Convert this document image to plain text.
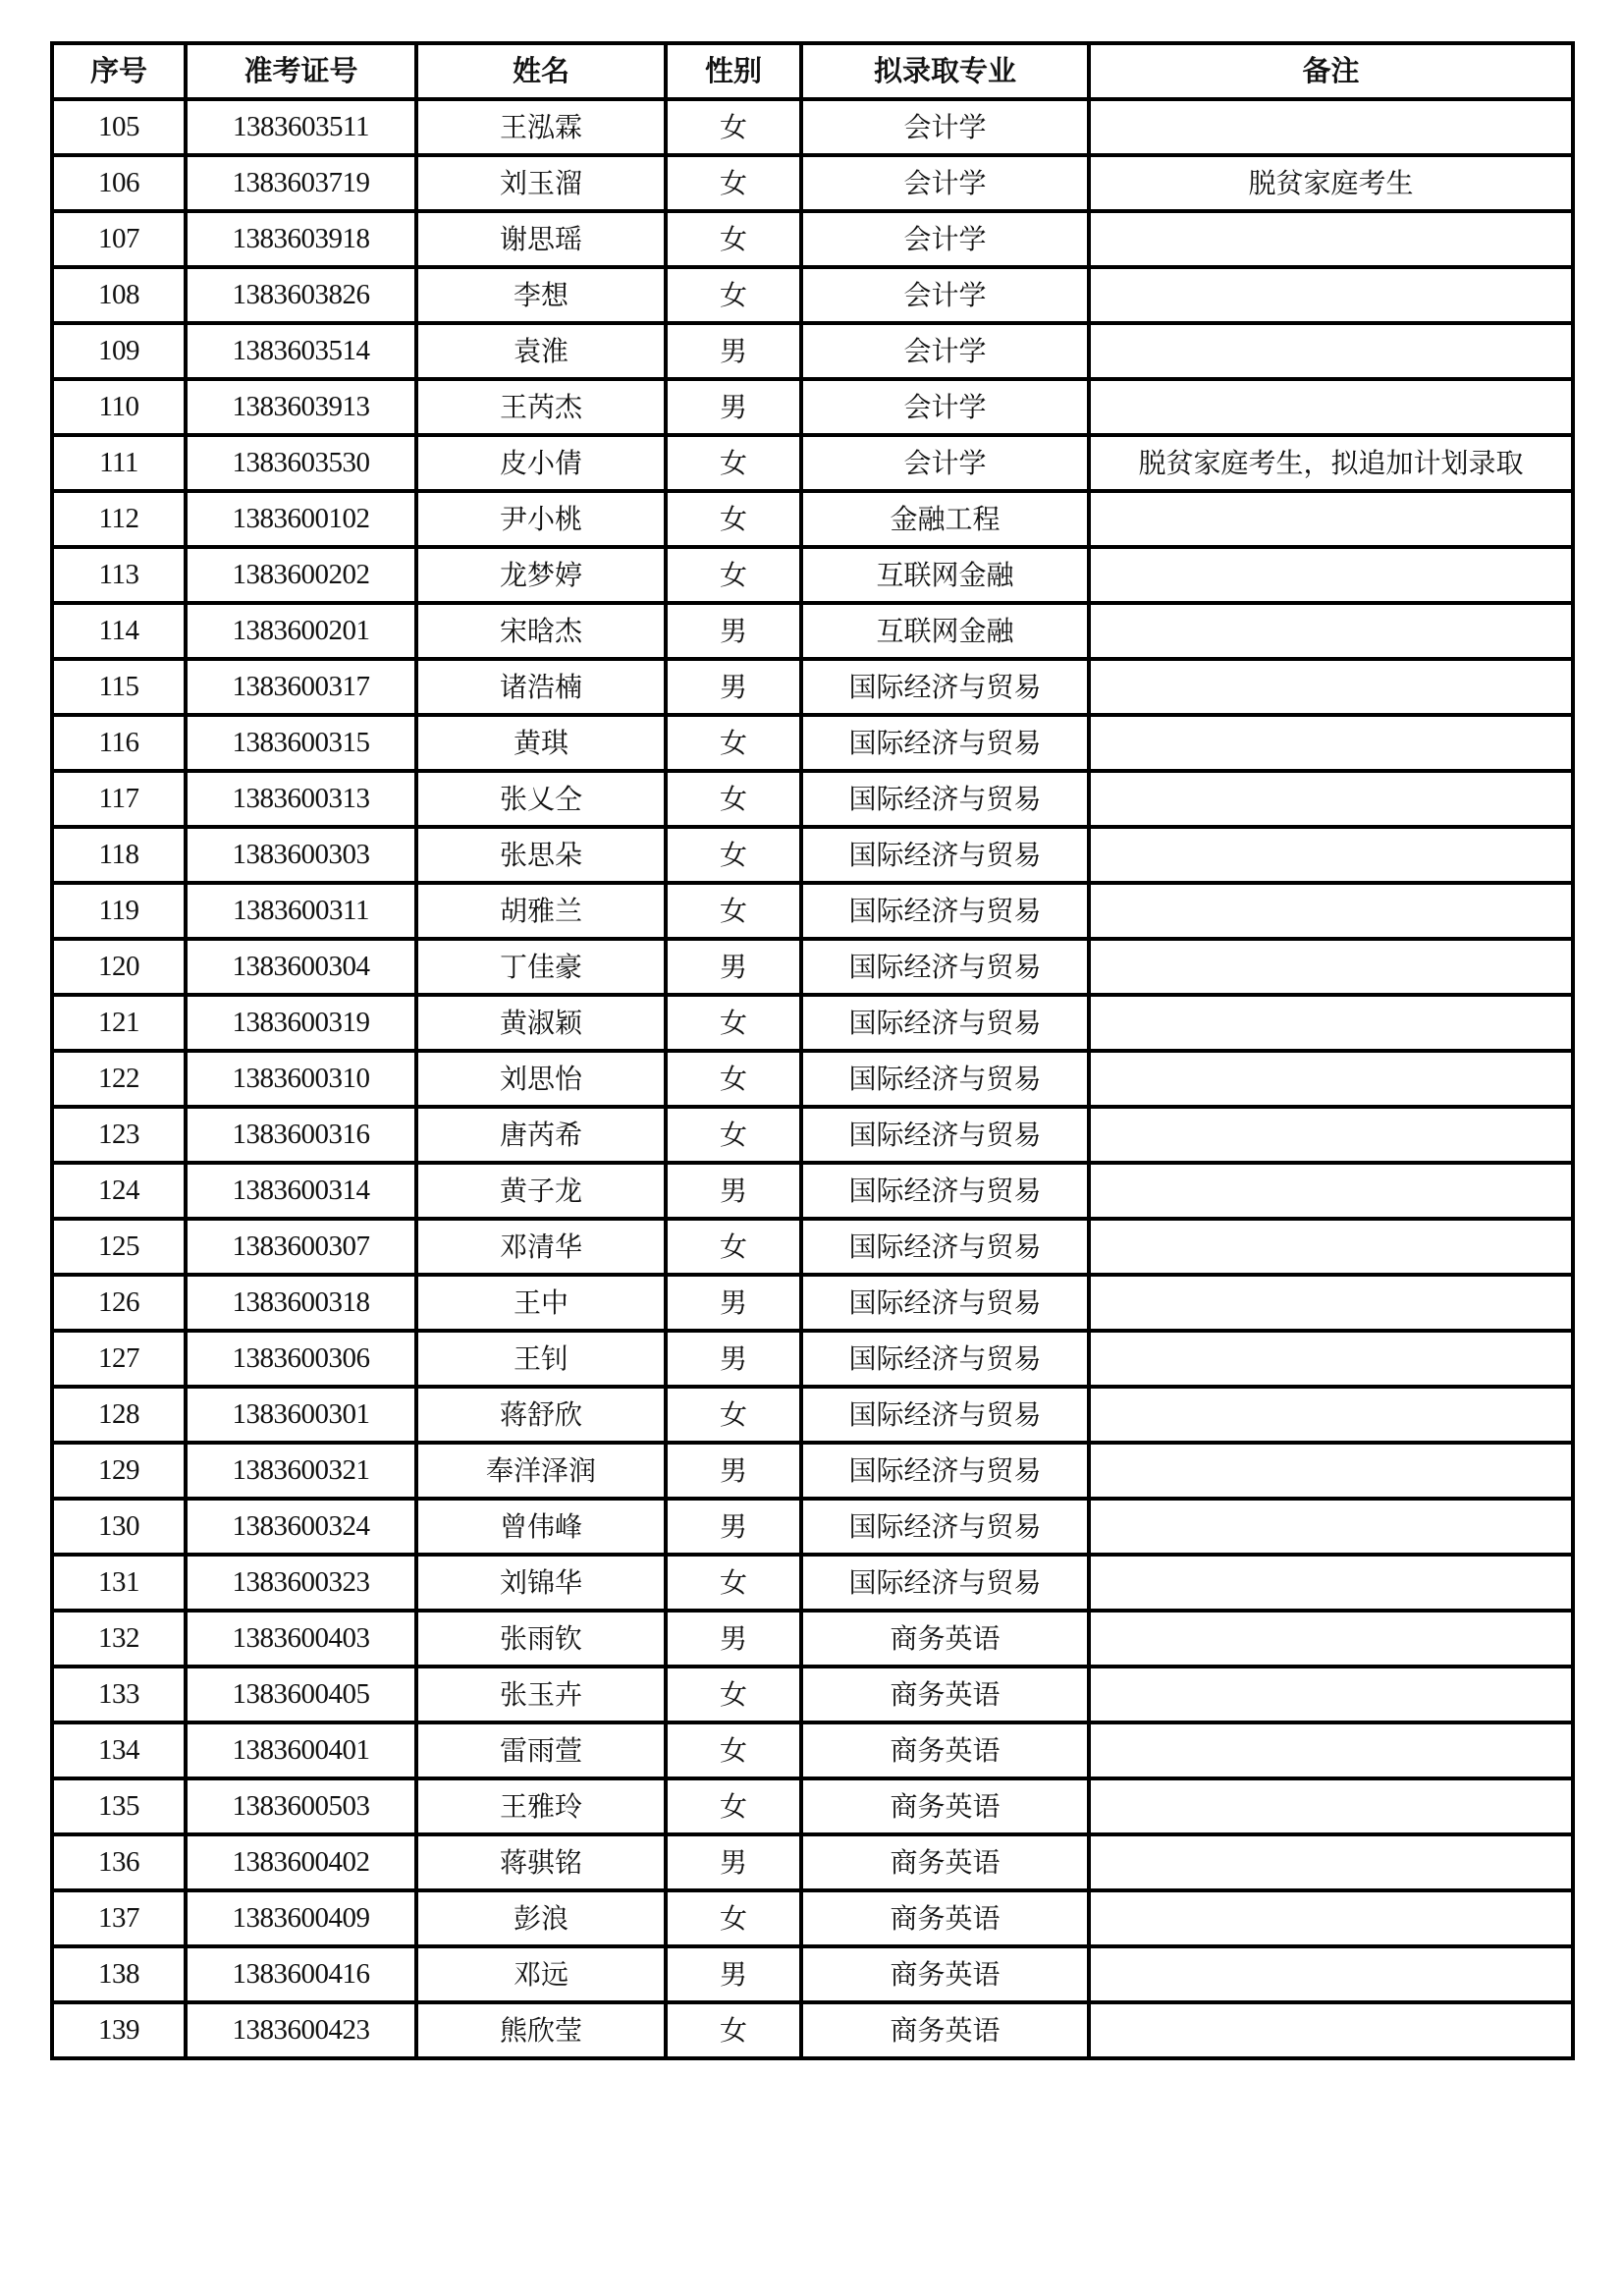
序号	准考证号	姓名	性别	拟录取专业	备注
105	1383603511	王泓霖	女	会计学	
106	1383603719	刘玉溜	女	会计学	脱贫家庭考生
107	1383603918	谢思瑶	女	会计学	
108	1383603826	李想	女	会计学	
109	1383603514	袁淮	男	会计学	
110	1383603913	王芮杰	男	会计学	
111	1383603530	皮小倩	女	会计学	脱贫家庭考生，拟追加计划录取
112	1383600102	尹小桃	女	金融工程	
113	1383600202	龙梦婷	女	互联网金融	
114	1383600201	宋晗杰	男	互联网金融	
115	1383600317	诸浩楠	男	国际经济与贸易	
116	1383600315	黄琪	女	国际经济与贸易	
117	1383600313	张乂仝	女	国际经济与贸易	
118	1383600303	张思朵	女	国际经济与贸易	
119	1383600311	胡雅兰	女	国际经济与贸易	
120	1383600304	丁佳豪	男	国际经济与贸易	
121	1383600319	黄淑颖	女	国际经济与贸易	
122	1383600310	刘思怡	女	国际经济与贸易	
123	1383600316	唐芮希	女	国际经济与贸易	
124	1383600314	黄子龙	男	国际经济与贸易	
125	1383600307	邓清华	女	国际经济与贸易	
126	1383600318	王中	男	国际经济与贸易	
127	1383600306	王钊	男	国际经济与贸易	
128	1383600301	蒋舒欣	女	国际经济与贸易	
129	1383600321	奉洋泽润	男	国际经济与贸易	
130	1383600324	曾伟峰	男	国际经济与贸易	
131	1383600323	刘锦华	女	国际经济与贸易	
132	1383600403	张雨钦	男	商务英语	
133	1383600405	张玉卉	女	商务英语	
134	1383600401	雷雨萱	女	商务英语	
135	1383600503	王雅玲	女	商务英语	
136	1383600402	蒋骐铭	男	商务英语	
137	1383600409	彭浪	女	商务英语	
138	1383600416	邓远	男	商务英语	
139	1383600423	熊欣莹	女	商务英语	
